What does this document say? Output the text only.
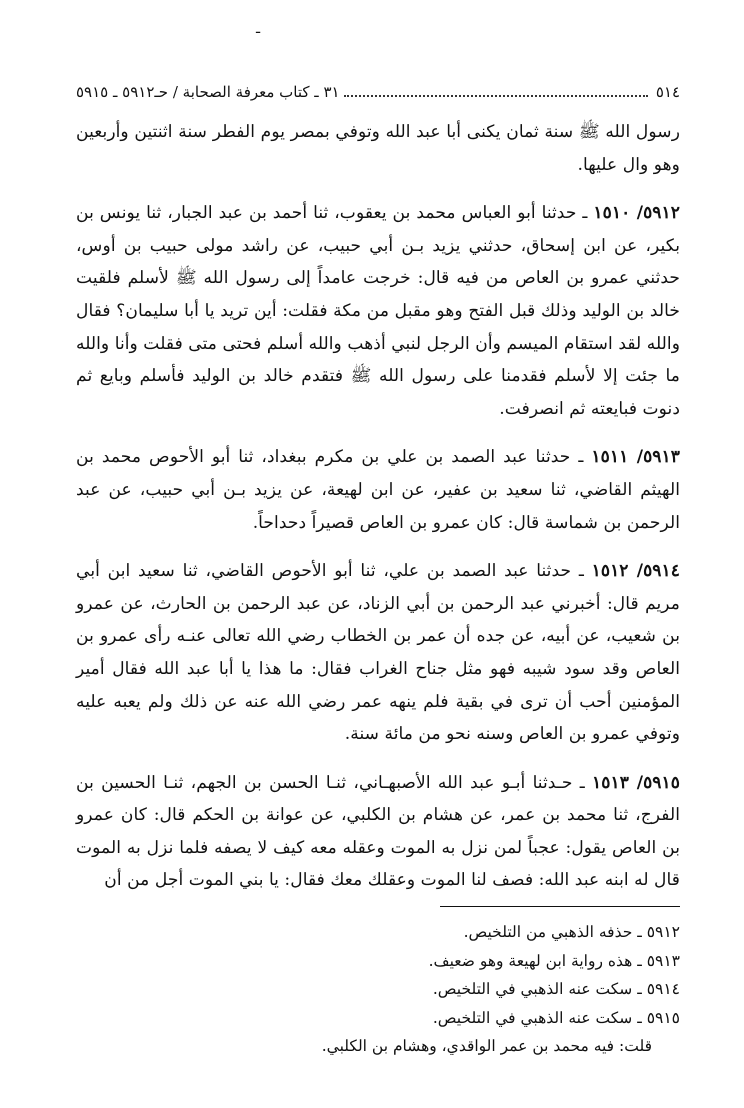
ـ
٥١٤
٣١ ـ كتاب معرفة الصحابة / حـ٥٩١٢ ـ ٥٩١٥

رسول الله ﷺ سنة ثمان يكنى أبا عبد الله وتوفي بمصر يوم الفطر سنة اثنتين وأربعين وهو وال عليها.

٥٩١٢/ ١٥١٠ ـ حدثنا أبو العباس محمد بن يعقوب، ثنا أحمد بن عبد الجبار، ثنا يونس بن بكير، عن ابن إسحاق، حدثني يزيد بـن أبي حبيب، عن راشد مولى حبيب بن أوس، حدثني عمرو بن العاص من فيه قال: خرجت عامداً إلى رسول الله ﷺ لأسلم فلقيت خالد بن الوليد وذلك قبل الفتح وهو مقبل من مكة فقلت: أين تريد يا أبا سليمان؟ فقال والله لقد استقام الميسم وأن الرجل لنبي أذهب والله أسلم فحتى متى فقلت وأنا والله ما جئت إلا لأسلم فقدمنا على رسول الله ﷺ فتقدم خالد بن الوليد فأسلم وبايع ثم دنوت فبايعته ثم انصرفت.

٥٩١٣/ ١٥١١ ـ حدثنا عبد الصمد بن علي بن مكرم ببغداد، ثنا أبو الأحوص محمد بن الهيثم القاضي، ثنا سعيد بن عفير، عن ابن لهيعة، عن يزيد بـن أبي حبيب، عن عبد الرحمن بن شماسة قال: كان عمرو بن العاص قصيراً دحداحاً.

٥٩١٤/ ١٥١٢ ـ حدثنا عبد الصمد بن علي، ثنا أبو الأحوص القاضي، ثنا سعيد ابن أبي مريم قال: أخبرني عبد الرحمن بن أبي الزناد، عن عبد الرحمن بن الحارث، عن عمرو بن شعيب، عن أبيه، عن جده أن عمر بن الخطاب رضي الله تعالى عنـه رأى عمرو بن العاص وقد سود شيبه فهو مثل جناح الغراب فقال: ما هذا يا أبا عبد الله فقال أمير المؤمنين أحب أن ترى في بقية فلم ينهه عمر رضي الله عنه عن ذلك ولم يعبه عليه وتوفي عمرو بن العاص وسنه نحو من مائة سنة.

٥٩١٥/ ١٥١٣ ـ حـدثنا أبـو عبد الله الأصبهـاني، ثنـا الحسن بن الجهم، ثنـا الحسين بن الفرج، ثنا محمد بن عمر، عن هشام بن الكلبي، عن عوانة بن الحكم قال: كان عمرو بن العاص يقول: عجباً لمن نزل به الموت وعقله معه كيف لا يصفه فلما نزل به الموت قال له ابنه عبد الله: فصف لنا الموت وعقلك معك فقال: يا بني الموت أجل من أن

٥٩١٢ ـ حذفه الذهبي من التلخيص.
٥٩١٣ ـ هذه رواية ابن لهيعة وهو ضعيف.
٥٩١٤ ـ سكت عنه الذهبي في التلخيص.
٥٩١٥ ـ سكت عنه الذهبي في التلخيص.
قلت: فيه محمد بن عمر الواقدي، وهشام بن الكلبي.
